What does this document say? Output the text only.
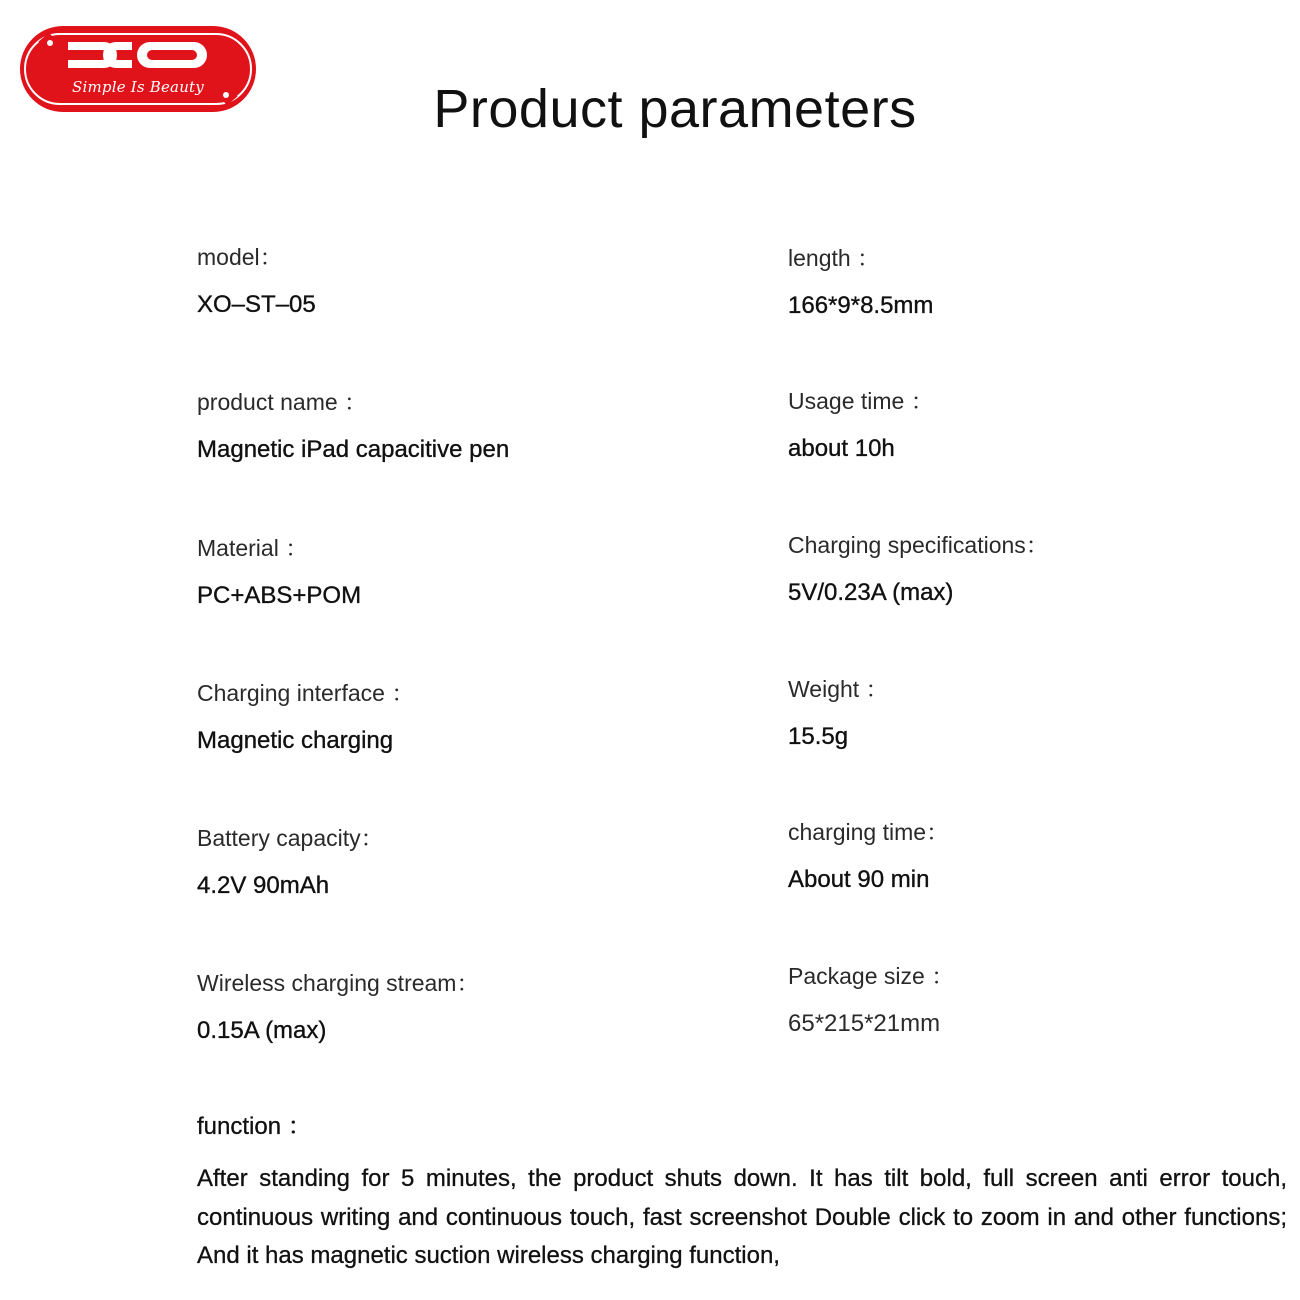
Simple Is Beauty	Product parameters
model：
XO–ST–05
product name ：
Magnetic iPad capacitive pen
Material ：
PC+ABS+POM
Charging interface ：
Magnetic charging
Battery capacity：
4.2V 90mAh
Wireless charging stream：
0.15A (max)
length ：
166*9*8.5mm
Usage time ：
about 10h
Charging specifications：
5V/0.23A (max)
Weight ：
15.5g
charging time：
About 90 min
Package size ：
65*215*21mm
function ：

After standing for 5 minutes, the product shuts down. It has tilt bold, full screen anti error touch, continuous writing and continuous touch, fast screenshot Double click to zoom in and other functions; And it has magnetic suction wireless charging function,
